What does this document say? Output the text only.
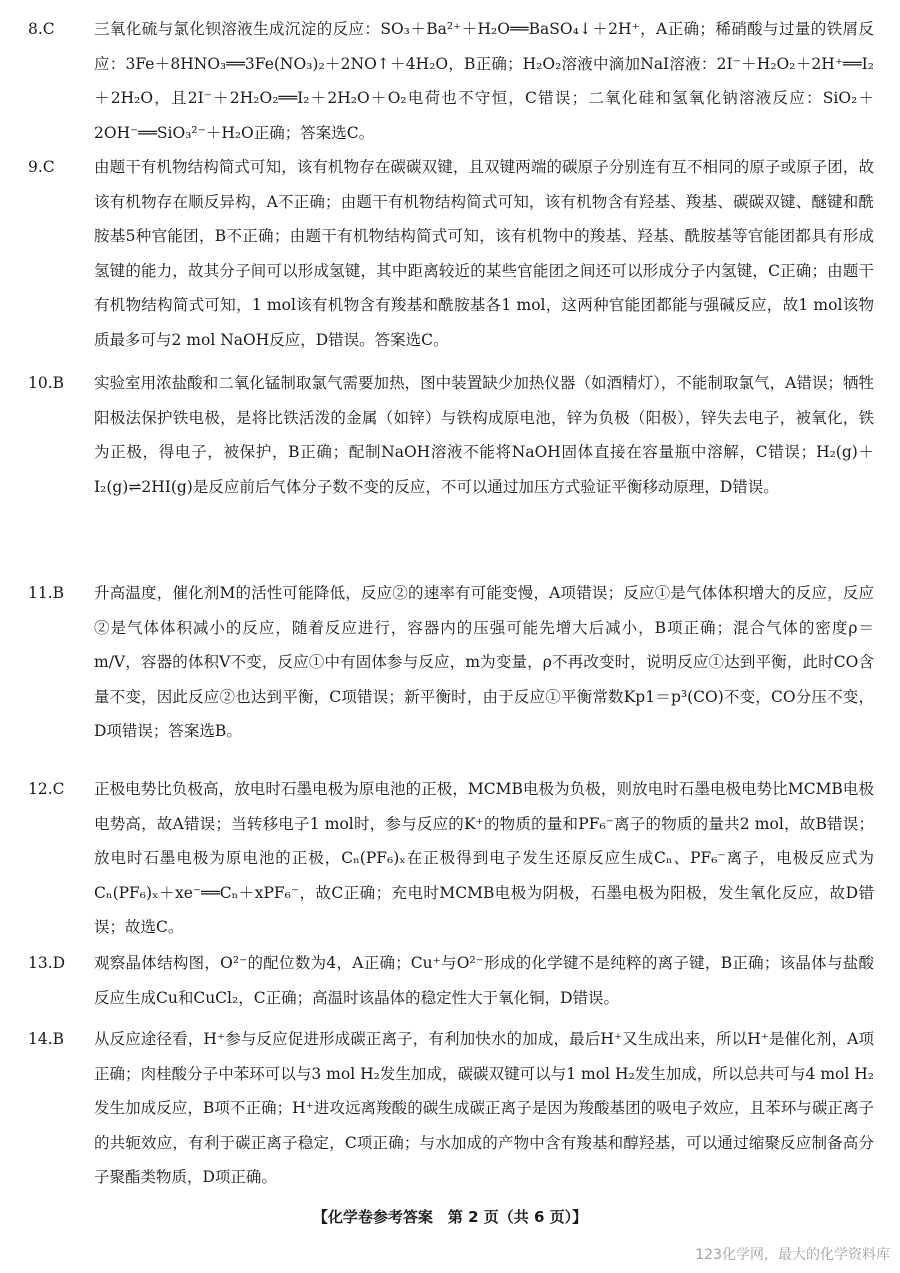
8.C	三氧化硫与氯化钡溶液生成沉淀的反应：SO₃＋Ba²⁺＋H₂O══BaSO₄↓＋2H⁺，A正确；稀硝酸与过量的铁屑反应：3Fe＋8HNO₃══3Fe(NO₃)₂＋2NO↑＋4H₂O，B正确；H₂O₂溶液中滴加NaI溶液：2I⁻＋H₂O₂＋2H⁺══I₂＋2H₂O，且2I⁻＋2H₂O₂══I₂＋2H₂O＋O₂电荷也不守恒，C错误；二氧化硅和氢氧化钠溶液反应：SiO₂＋2OH⁻══SiO₃²⁻＋H₂O正确；答案选C。
9.C	由题干有机物结构简式可知，该有机物存在碳碳双键，且双键两端的碳原子分别连有互不相同的原子或原子团，故该有机物存在顺反异构，A不正确；由题干有机物结构简式可知，该有机物含有羟基、羧基、碳碳双键、醚键和酰胺基5种官能团，B不正确；由题干有机物结构简式可知，该有机物中的羧基、羟基、酰胺基等官能团都具有形成氢键的能力，故其分子间可以形成氢键，其中距离较近的某些官能团之间还可以形成分子内氢键，C正确；由题干有机物结构简式可知，1 mol该有机物含有羧基和酰胺基各1 mol，这两种官能团都能与强碱反应，故1 mol该物质最多可与2 mol NaOH反应，D错误。答案选C。
10.B	实验室用浓盐酸和二氧化锰制取氯气需要加热，图中装置缺少加热仪器（如酒精灯），不能制取氯气，A错误；牺牲阳极法保护铁电极，是将比铁活泼的金属（如锌）与铁构成原电池，锌为负极（阳极），锌失去电子，被氧化，铁为正极，得电子，被保护，B正确；配制NaOH溶液不能将NaOH固体直接在容量瓶中溶解，C错误；H₂(g)＋I₂(g)⇌2HI(g)是反应前后气体分子数不变的反应，不可以通过加压方式验证平衡移动原理，D错误。
11.B	升高温度，催化剂M的活性可能降低，反应②的速率有可能变慢，A项错误；反应①是气体体积增大的反应，反应②是气体体积减小的反应，随着反应进行，容器内的压强可能先增大后减小，B项正确；混合气体的密度ρ＝m/V，容器的体积V不变，反应①中有固体参与反应，m为变量，ρ不再改变时，说明反应①达到平衡，此时CO含量不变，因此反应②也达到平衡，C项错误；新平衡时，由于反应①平衡常数Kp1＝p³(CO)不变，CO分压不变，D项错误；答案选B。
12.C	正极电势比负极高，放电时石墨电极为原电池的正极，MCMB电极为负极，则放电时石墨电极电势比MCMB电极电势高，故A错误；当转移电子1 mol时，参与反应的K⁺的物质的量和PF₆⁻离子的物质的量共2 mol，故B错误；放电时石墨电极为原电池的正极，Cₙ(PF₆)ₓ在正极得到电子发生还原反应生成Cₙ、PF₆⁻离子，电极反应式为Cₙ(PF₆)ₓ＋xe⁻══Cₙ＋xPF₆⁻，故C正确；充电时MCMB电极为阴极，石墨电极为阳极，发生氧化反应，故D错误；故选C。
13.D	观察晶体结构图，O²⁻的配位数为4，A正确；Cu⁺与O²⁻形成的化学键不是纯粹的离子键，B正确；该晶体与盐酸反应生成Cu和CuCl₂，C正确；高温时该晶体的稳定性大于氧化铜，D错误。
14.B	从反应途径看，H⁺参与反应促进形成碳正离子，有利加快水的加成，最后H⁺又生成出来，所以H⁺是催化剂，A项正确；肉桂酸分子中苯环可以与3 mol H₂发生加成，碳碳双键可以与1 mol H₂发生加成，所以总共可与4 mol H₂发生加成反应，B项不正确；H⁺进攻远离羧酸的碳生成碳正离子是因为羧酸基团的吸电子效应，且苯环与碳正离子的共轭效应，有利于碳正离子稳定，C项正确；与水加成的产物中含有羧基和醇羟基，可以通过缩聚反应制备高分子聚酯类物质，D项正确。
【化学卷参考答案　第 2 页（共 6 页）】
123化学网，最大的化学资料库
